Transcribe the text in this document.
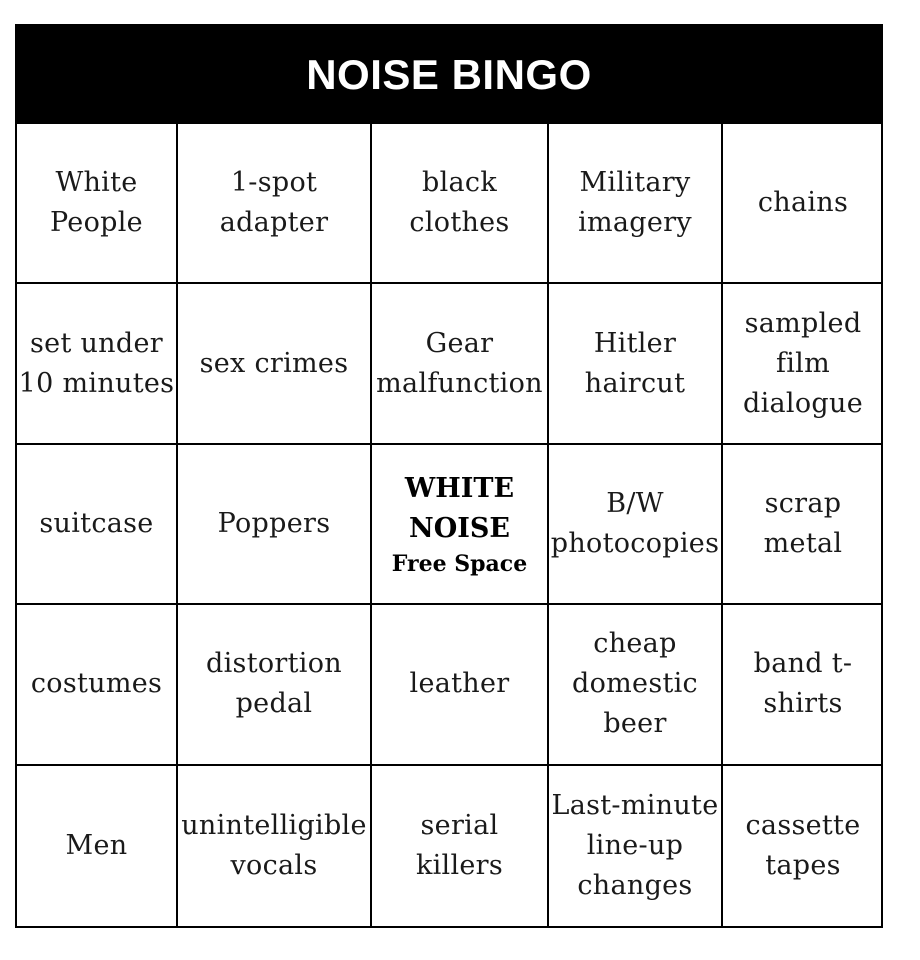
NOISE BINGO
White
People
1-spot
adapter
black
clothes
Military
imagery
chains
set under
10 minutes
sex crimes
Gear
malfunction
Hitler
haircut
sampled
film
dialogue
suitcase Poppers
WHITE
NOISE
Free Space
B/W
photocopies
scrap
metal
costumes
distortion
pedal
leather
cheap
domestic
beer
band t-
shirts
Men
unintelligible
vocals
serial
killers
Last-minute
line-up
changes
cassette
tapes
